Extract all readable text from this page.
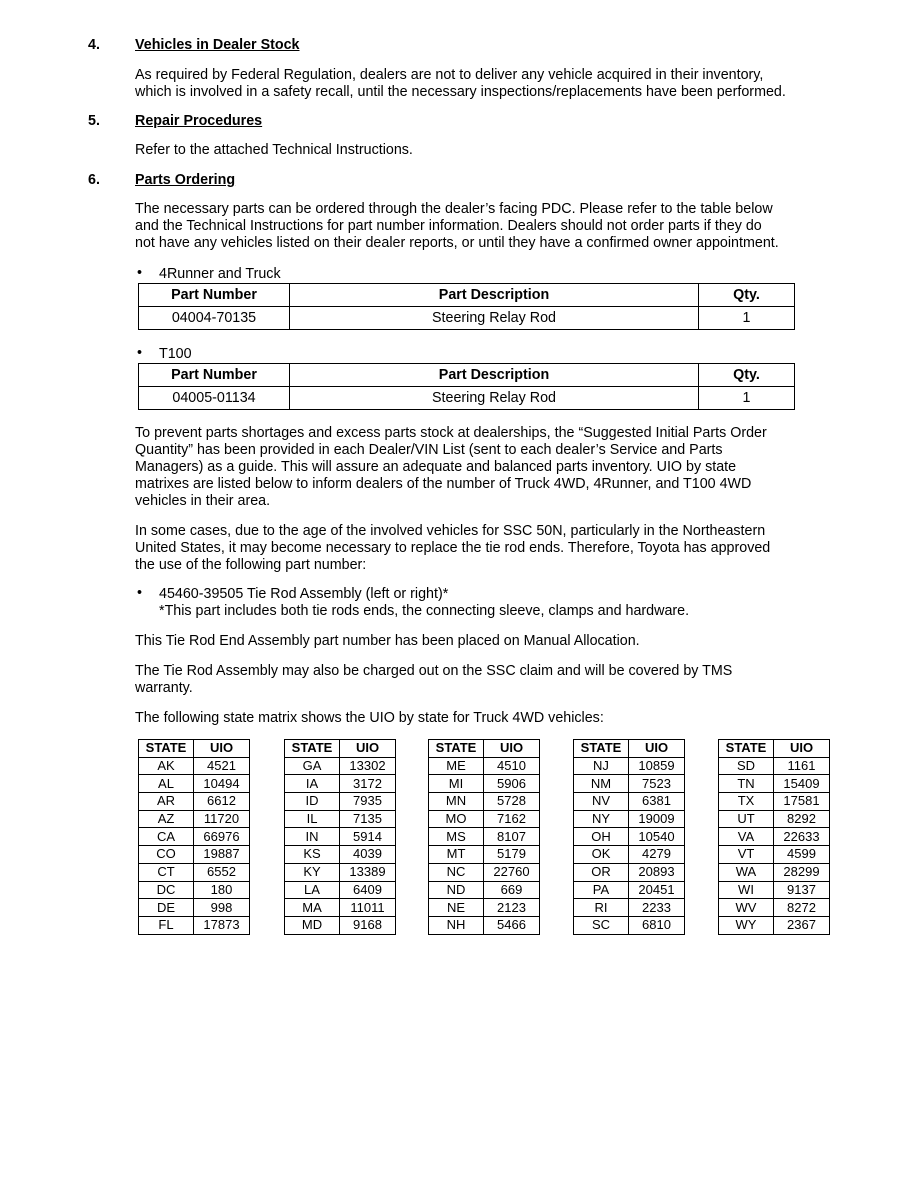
4. Vehicles in Dealer Stock
As required by Federal Regulation, dealers are not to deliver any vehicle acquired in their inventory,
which is involved in a safety recall, until the necessary inspections/replacements have been performed.
5. Repair Procedures
Refer to the attached Technical Instructions.
6. Parts Ordering
The necessary parts can be ordered through the dealer’s facing PDC. Please refer to the table below
and the Technical Instructions for part number information. Dealers should not order parts if they do
not have any vehicles listed on their dealer reports, or until they have a confirmed owner appointment.
• 4Runner and Truck
Part Number	Part Description	Qty.
04004-70135	Steering Relay Rod	1
• T100
Part Number	Part Description	Qty.
04005-01134	Steering Relay Rod	1
To prevent parts shortages and excess parts stock at dealerships, the “Suggested Initial Parts Order
Quantity” has been provided in each Dealer/VIN List (sent to each dealer’s Service and Parts
Managers) as a guide. This will assure an adequate and balanced parts inventory. UIO by state
matrixes are listed below to inform dealers of the number of Truck 4WD, 4Runner, and T100 4WD
vehicles in their area.
In some cases, due to the age of the involved vehicles for SSC 50N, particularly in the Northeastern
United States, it may become necessary to replace the tie rod ends. Therefore, Toyota has approved
the use of the following part number:
• 45460-39505 Tie Rod Assembly (left or right)*
*This part includes both tie rods ends, the connecting sleeve, clamps and hardware.
This Tie Rod End Assembly part number has been placed on Manual Allocation.
The Tie Rod Assembly may also be charged out on the SSC claim and will be covered by TMS
warranty.
The following state matrix shows the UIO by state for Truck 4WD vehicles:
STATE	UIO
AK	4521
AL	10494
AR	6612
AZ	11720
CA	66976
CO	19887
CT	6552
DC	180
DE	998
FL	17873
STATE	UIO
GA	13302
IA	3172
ID	7935
IL	7135
IN	5914
KS	4039
KY	13389
LA	6409
MA	11011
MD	9168
STATE	UIO
ME	4510
MI	5906
MN	5728
MO	7162
MS	8107
MT	5179
NC	22760
ND	669
NE	2123
NH	5466
STATE	UIO
NJ	10859
NM	7523
NV	6381
NY	19009
OH	10540
OK	4279
OR	20893
PA	20451
RI	2233
SC	6810
STATE	UIO
SD	1161
TN	15409
TX	17581
UT	8292
VA	22633
VT	4599
WA	28299
WI	9137
WV	8272
WY	2367
